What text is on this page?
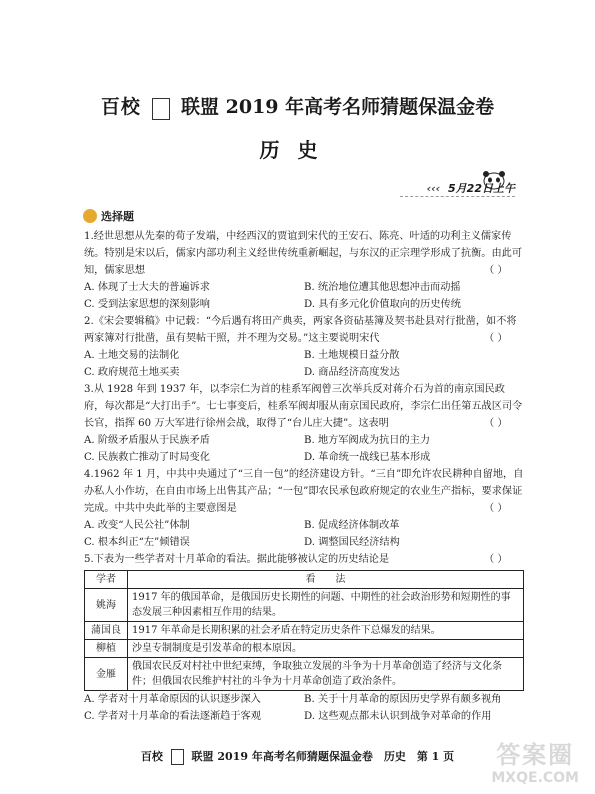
百校 联盟 2019 年高考名师猜题保温金卷
历史
‹‹‹ 5月22日上午
选择题

1.经世思想从先秦的荀子发端，中经西汉的贾谊到宋代的王安石、陈亮、叶适的功利主义儒家传统。特别是宋以后，儒家内部功利主义经世传统重新崛起，与东汉的正宗理学形成了抗衡。由此可知，儒家思想	（ ）

A. 体现了士大夫的普遍诉求	B. 统治地位遭其他思想冲击而动摇
C. 受到法家思想的深刻影响	D. 具有多元化价值取向的历史传统

2.《宋会要辑稿》中记载：“今后遇有将田产典卖，两家各资砧基簿及契书赴县对行批凿，如不将两家簿对行批凿，虽有契帖干照，并不理为交易。”这主要说明宋代	（ ）

A. 土地交易的法制化	B. 土地规模日益分散
C. 政府规范土地买卖	D. 商品经济高度发达

3.从 1928 年到 1937 年，以李宗仁为首的桂系军阀曾三次举兵反对蒋介石为首的南京国民政府，每次都是“大打出手”。七七事变后，桂系军阀却服从南京国民政府，李宗仁出任第五战区司令长官，指挥 60 万大军进行徐州会战，取得了“台儿庄大捷”。这表明	（ ）

A. 阶级矛盾服从于民族矛盾	B. 地方军阀成为抗日的主力
C. 民族救亡推动了时局变化	D. 革命统一战线已基本形成

4.1962 年 1 月，中共中央通过了“三自一包”的经济建设方针。“三自”即允许农民耕种自留地，自办私人小作坊，在自由市场上出售其产品；“一包”即农民承包政府规定的农业生产指标，要求保证完成。中共中央此举的主要意图是	（ ）

A. 改变“人民公社”体制	B. 促成经济体制改革
C. 根本纠正“左”倾错误	D. 调整国民经济结构

5.下表为一些学者对十月革命的看法。据此能够被认定的历史结论是	（ ）

学者	看　　法
姚海	1917 年的俄国革命，是俄国历史长期性的问题、中期性的社会政治形势和短期性的事态发展三种因素相互作用的结果。
蒲国良	1917 年革命是长期积累的社会矛盾在特定历史条件下总爆发的结果。
柳植	沙皇专制制度是引发革命的根本原因。
金雁	俄国农民反对村社中世纪束缚，争取独立发展的斗争为十月革命创造了经济与文化条件；但俄国农民维护村社的斗争为十月革命创造了政治条件。
A. 学者对十月革命原因的认识逐步深入	B. 关于十月革命的原因历史学界有颇多视角
C. 学者对十月革命的看法逐渐趋于客观	D. 这些观点都未认识到战争对革命的作用
百校	联盟 2019 年高考名师猜题保温金卷　历史　第 1 页	答案圈
MXQE.COM
